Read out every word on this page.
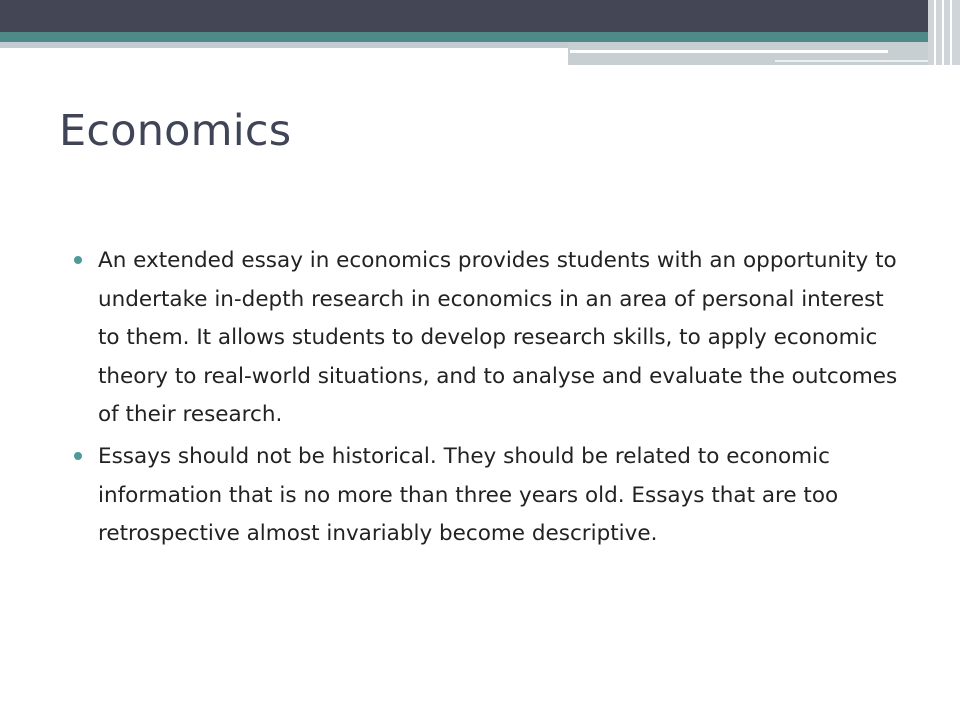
Economics
An extended essay in economics provides students with an opportunity to undertake in-depth research in economics in an area of personal interest to them. It allows students to develop research skills, to apply economic theory to real-world situations, and to analyse and evaluate the outcomes of their research.
Essays should not be historical. They should be related to economic information that is no more than three years old. Essays that are too retrospective almost invariably become descriptive.
